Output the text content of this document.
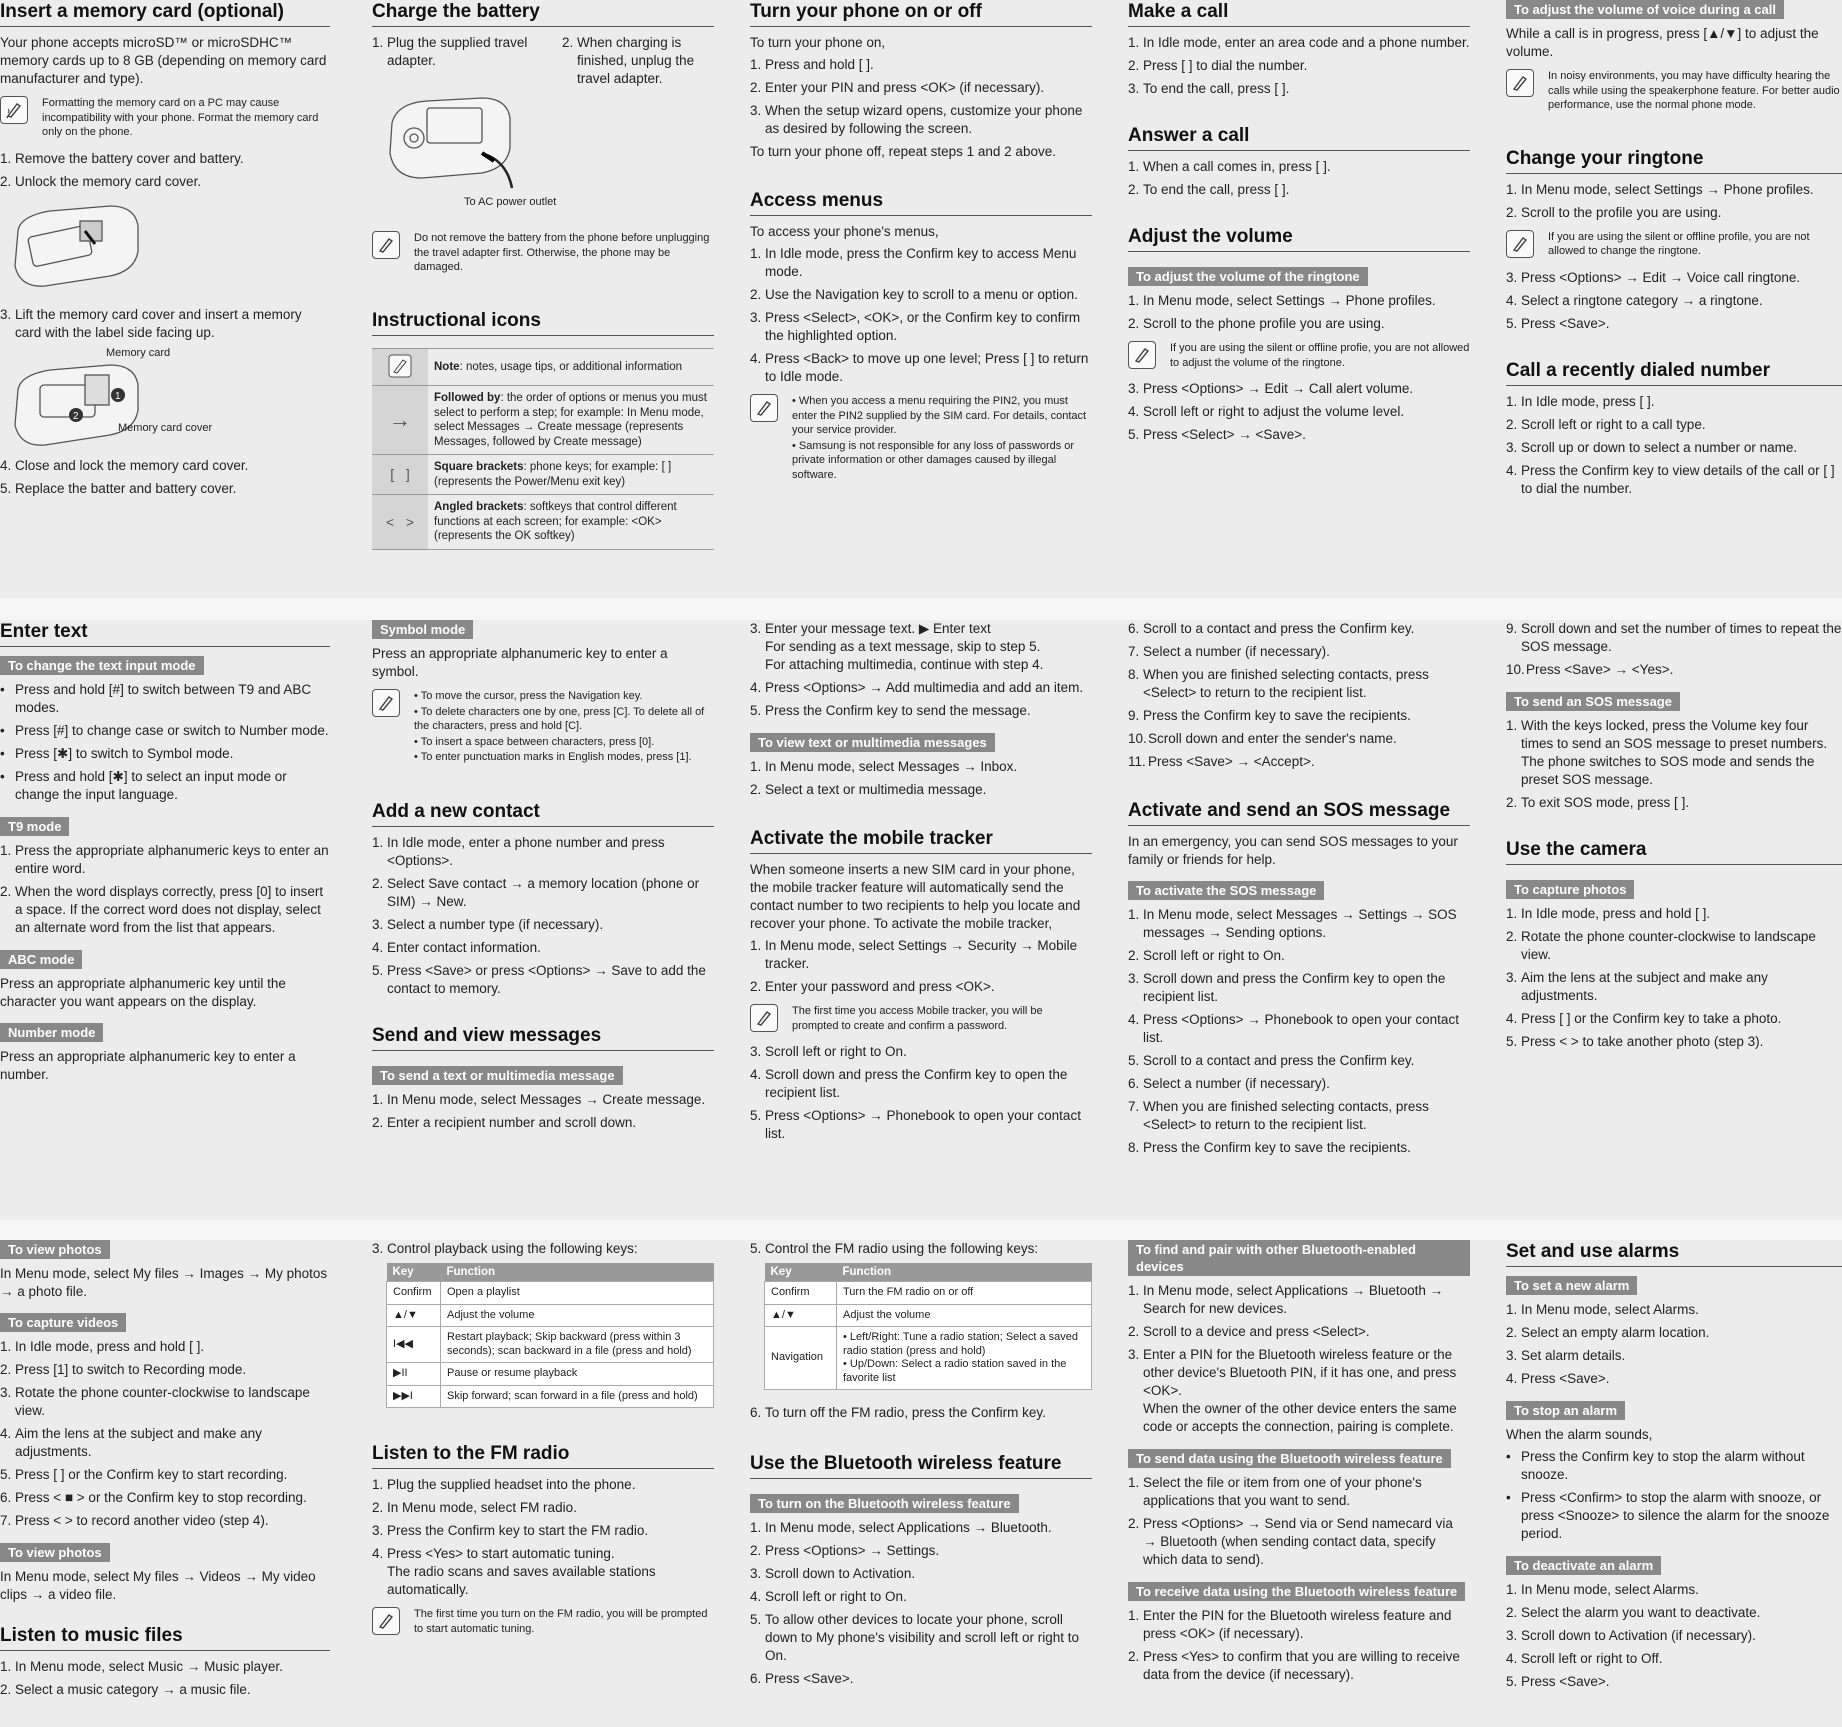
Insert a memory card (optional)

Your phone accepts microSD™ or microSDHC™ memory cards up to 8 GB (depending on memory card manufacturer and type).

Formatting the memory card on a PC may cause incompatibility with your phone. Format the memory card only on the phone.
1. Remove the battery cover and battery.
2. Unlock the memory card cover.
3. Lift the memory card cover and insert a memory card with the label side facing up.
2
1
Memory card
Memory card cover
4. Close and lock the memory card cover.
5. Replace the batter and battery cover.
Charge the battery
1. Plug the supplied travel adapter.
2. When charging is finished, unplug the travel adapter.
To AC power outlet
Do not remove the battery from the phone before unplugging the travel adapter first. Otherwise, the phone may be damaged.
Instructional icons
	Note: notes, usage tips, or additional information
→	Followed by: the order of options or menus you must select to perform a step; for example: In Menu mode, select Messages → Create message (represents Messages, followed by Create message)
[   ]	Square brackets: phone keys; for example: [ ] (represents the Power/Menu exit key)
<   >	Angled brackets: softkeys that control different functions at each screen; for example: <OK> (represents the OK softkey)
Turn your phone on or off

To turn your phone on,

1. Press and hold [ ].
2. Enter your PIN and press <OK> (if necessary).
3. When the setup wizard opens, customize your phone as desired by following the screen.

To turn your phone off, repeat steps 1 and 2 above.

Access menus

To access your phone's menus,

1. In Idle mode, press the Confirm key to access Menu mode.
2. Use the Navigation key to scroll to a menu or option.
3. Press <Select>, <OK>, or the Confirm key to confirm the highlighted option.
4. Press <Back> to move up one level; Press [ ] to return to Idle mode.
• When you access a menu requiring the PIN2, you must enter the PIN2 supplied by the SIM card. For details, contact your service provider.
• Samsung is not responsible for any loss of passwords or private information or other damages caused by illegal software.
Make a call
1. In Idle mode, enter an area code and a phone number.
2. Press [ ] to dial the number.
3. To end the call, press [ ].
Answer a call
1. When a call comes in, press [ ].
2. To end the call, press [ ].
Adjust the volume
To adjust the volume of the ringtone
1. In Menu mode, select Settings → Phone profiles.
2. Scroll to the phone profile you are using.
If you are using the silent or offline profie, you are not allowed to adjust the volume of the ringtone.
3. Press <Options> → Edit → Call alert volume.
4. Scroll left or right to adjust the volume level.
5. Press <Select> → <Save>.
To adjust the volume of voice during a call

While a call is in progress, press [▲/▼] to adjust the volume.

In noisy environments, you may have difficulty hearing the calls while using the speakerphone feature. For better audio performance, use the normal phone mode.
Change your ringtone
1. In Menu mode, select Settings → Phone profiles.
2. Scroll to the profile you are using.
If you are using the silent or offline profile, you are not allowed to change the ringtone.
3. Press <Options> → Edit → Voice call ringtone.
4. Select a ringtone category → a ringtone.
5. Press <Save>.
Call a recently dialed number
1. In Idle mode, press [ ].
2. Scroll left or right to a call type.
3. Scroll up or down to select a number or name.
4. Press the Confirm key to view details of the call or [ ] to dial the number.
Enter text
To change the text input mode
• Press and hold [#] to switch between T9 and ABC modes.
• Press [#] to change case or switch to Number mode.
• Press [✱] to switch to Symbol mode.
• Press and hold [✱] to select an input mode or change the input language.
T9 mode
1. Press the appropriate alphanumeric keys to enter an entire word.
2. When the word displays correctly, press [0] to insert a space. If the correct word does not display, select an alternate word from the list that appears.
ABC mode

Press an appropriate alphanumeric key until the character you want appears on the display.

Number mode

Press an appropriate alphanumeric key to enter a number.

Symbol mode

Press an appropriate alphanumeric key to enter a symbol.

• To move the cursor, press the Navigation key.
• To delete characters one by one, press [C]. To delete all of the characters, press and hold [C].
• To insert a space between characters, press [0].
• To enter punctuation marks in English modes, press [1].
Add a new contact
1. In Idle mode, enter a phone number and press <Options>.
2. Select Save contact → a memory location (phone or SIM) → New.
3. Select a number type (if necessary).
4. Enter contact information.
5. Press <Save> or press <Options> → Save to add the contact to memory.
Send and view messages
To send a text or multimedia message
1. In Menu mode, select Messages → Create message.
2. Enter a recipient number and scroll down.
3. Enter your message text. ▶ Enter text
For sending as a text message, skip to step 5.
For attaching multimedia, continue with step 4.
4. Press <Options> → Add multimedia and add an item.
5. Press the Confirm key to send the message.
To view text or multimedia messages
1. In Menu mode, select Messages → Inbox.
2. Select a text or multimedia message.
Activate the mobile tracker

When someone inserts a new SIM card in your phone, the mobile tracker feature will automatically send the contact number to two recipients to help you locate and recover your phone. To activate the mobile tracker,

1. In Menu mode, select Settings → Security → Mobile tracker.
2. Enter your password and press <OK>.
The first time you access Mobile tracker, you will be prompted to create and confirm a password.
3. Scroll left or right to On.
4. Scroll down and press the Confirm key to open the recipient list.
5. Press <Options> → Phonebook to open your contact list.
6. Scroll to a contact and press the Confirm key.
7. Select a number (if necessary).
8. When you are finished selecting contacts, press <Select> to return to the recipient list.
9. Press the Confirm key to save the recipients.
10. Scroll down and enter the sender's name.
11. Press <Save> → <Accept>.
Activate and send an SOS message

In an emergency, you can send SOS messages to your family or friends for help.

To activate the SOS message
1. In Menu mode, select Messages → Settings → SOS messages → Sending options.
2. Scroll left or right to On.
3. Scroll down and press the Confirm key to open the recipient list.
4. Press <Options> → Phonebook to open your contact list.
5. Scroll to a contact and press the Confirm key.
6. Select a number (if necessary).
7. When you are finished selecting contacts, press <Select> to return to the recipient list.
8. Press the Confirm key to save the recipients.
9. Scroll down and set the number of times to repeat the SOS message.
10. Press <Save> → <Yes>.
To send an SOS message
1. With the keys locked, press the Volume key four times to send an SOS message to preset numbers. The phone switches to SOS mode and sends the preset SOS message.
2. To exit SOS mode, press [ ].
Use the camera
To capture photos
1. In Idle mode, press and hold [ ].
2. Rotate the phone counter-clockwise to landscape view.
3. Aim the lens at the subject and make any adjustments.
4. Press [ ] or the Confirm key to take a photo.
5. Press < > to take another photo (step 3).
To view photos

In Menu mode, select My files → Images → My photos → a photo file.

To capture videos
1. In Idle mode, press and hold [ ].
2. Press [1] to switch to Recording mode.
3. Rotate the phone counter-clockwise to landscape view.
4. Aim the lens at the subject and make any adjustments.
5. Press [ ] or the Confirm key to start recording.
6. Press < ■ > or the Confirm key to stop recording.
7. Press < > to record another video (step 4).
To view photos

In Menu mode, select My files → Videos → My video clips → a video file.

Listen to music files
1. In Menu mode, select Music → Music player.
2. Select a music category → a music file.
3. Control playback using the following keys:
Key	Function
Confirm	Open a playlist
▲/▼	Adjust the volume
I◀◀	Restart playback; Skip backward (press within 3 seconds); scan backward in a file (press and hold)
▶II	Pause or resume playback
▶▶I	Skip forward; scan forward in a file (press and hold)
Listen to the FM radio
1. Plug the supplied headset into the phone.
2. In Menu mode, select FM radio.
3. Press the Confirm key to start the FM radio.
4. Press <Yes> to start automatic tuning.
The radio scans and saves available stations automatically.
The first time you turn on the FM radio, you will be prompted to start automatic tuning.
5. Control the FM radio using the following keys:
Key	Function
Confirm	Turn the FM radio on or off
▲/▼	Adjust the volume
Navigation	• Left/Right: Tune a radio station; Select a saved radio station (press and hold)
• Up/Down: Select a radio station saved in the favorite list
6. To turn off the FM radio, press the Confirm key.
Use the Bluetooth wireless feature
To turn on the Bluetooth wireless feature
1. In Menu mode, select Applications → Bluetooth.
2. Press <Options> → Settings.
3. Scroll down to Activation.
4. Scroll left or right to On.
5. To allow other devices to locate your phone, scroll down to My phone's visibility and scroll left or right to On.
6. Press <Save>.
To find and pair with other Bluetooth-enabled devices
1. In Menu mode, select Applications → Bluetooth → Search for new devices.
2. Scroll to a device and press <Select>.
3. Enter a PIN for the Bluetooth wireless feature or the other device's Bluetooth PIN, if it has one, and press <OK>.
When the owner of the other device enters the same code or accepts the connection, pairing is complete.
To send data using the Bluetooth wireless feature
1. Select the file or item from one of your phone's applications that you want to send.
2. Press <Options> → Send via or Send namecard via → Bluetooth (when sending contact data, specify which data to send).
To receive data using the Bluetooth wireless feature
1. Enter the PIN for the Bluetooth wireless feature and press <OK> (if necessary).
2. Press <Yes> to confirm that you are willing to receive data from the device (if necessary).
Set and use alarms
To set a new alarm
1. In Menu mode, select Alarms.
2. Select an empty alarm location.
3. Set alarm details.
4. Press <Save>.
To stop an alarm

When the alarm sounds,

• Press the Confirm key to stop the alarm without snooze.
• Press <Confirm> to stop the alarm with snooze, or press <Snooze> to silence the alarm for the snooze period.
To deactivate an alarm
1. In Menu mode, select Alarms.
2. Select the alarm you want to deactivate.
3. Scroll down to Activation (if necessary).
4. Scroll left or right to Off.
5. Press <Save>.
